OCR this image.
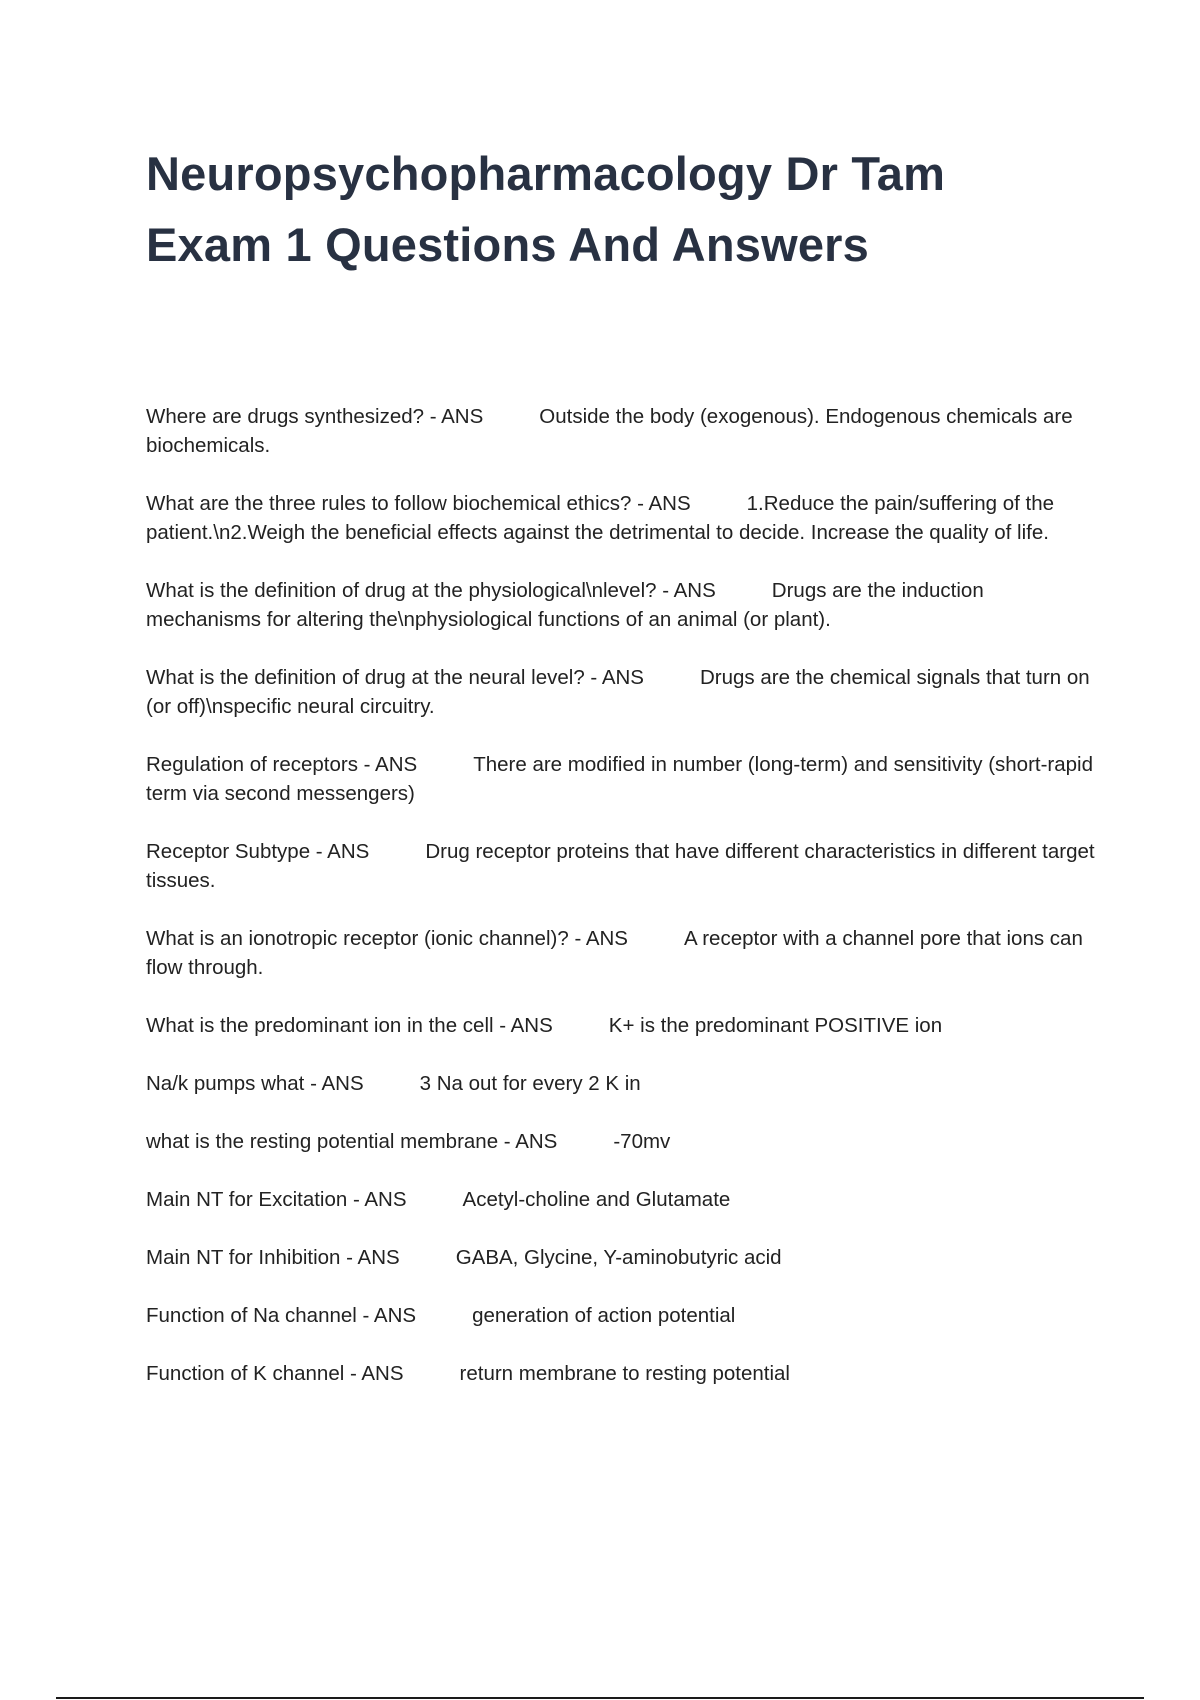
Neuropsychopharmacology Dr Tam
Exam 1 Questions And Answers

Where are drugs synthesized? - ANS	Outside the body (exogenous). Endogenous chemicals are biochemicals.

What are the three rules to follow biochemical ethics? - ANS	1.Reduce the pain/suffering of the patient.\n2.Weigh the beneficial effects against the detrimental to decide. Increase the quality of life.

What is the definition of drug at the physiological\nlevel? - ANS	Drugs are the induction mechanisms for altering the\nphysiological functions of an animal (or plant).

What is the definition of drug at the neural level? - ANS	Drugs are the chemical signals that turn on (or off)\nspecific neural circuitry.

Regulation of receptors - ANS	There are modified in number (long-term) and sensitivity (short-rapid term via second messengers)

Receptor Subtype - ANS	Drug receptor proteins that have different characteristics in different target tissues.

What is an ionotropic receptor (ionic channel)? - ANS	A receptor with a channel pore that ions can flow through.

What is the predominant ion in the cell - ANS	K+ is the predominant POSITIVE ion

Na/k pumps what - ANS	3 Na out for every 2 K in

what is the resting potential membrane - ANS	-70mv

Main NT for Excitation - ANS	Acetyl-choline and Glutamate

Main NT for Inhibition - ANS	GABA, Glycine, Y-aminobutyric acid

Function of Na channel - ANS	generation of action potential

Function of K channel - ANS	return membrane to resting potential
